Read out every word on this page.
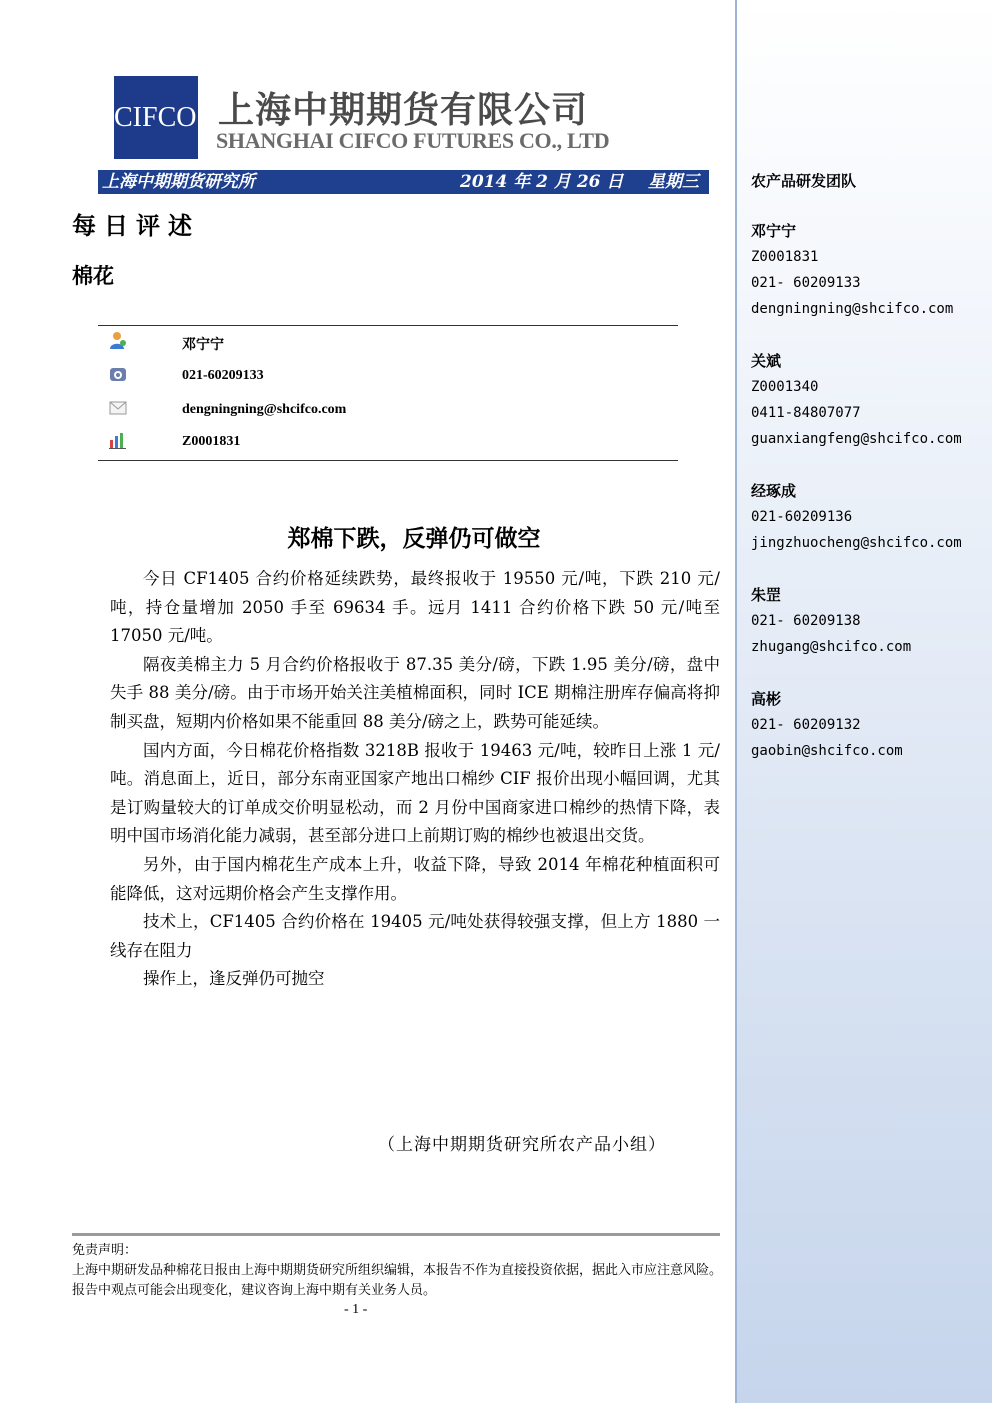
CIFCO 上海中期期货有限公司
SHANGHAI CIFCO FUTURES CO., LTD
上海中期期货研究所	2014 年 2 月 26 日 星期三
每日评述
棉花
邓宁宁
021-60209133
dengningning@shcifco.com
Z0001831
郑棉下跌，反弹仍可做空

今日 CF1405 合约价格延续跌势，最终报收于 19550 元/吨，下跌 210 元/吨，持仓量增加 2050 手至 69634 手。远月 1411 合约价格下跌 50 元/吨至 17050 元/吨。

隔夜美棉主力 5 月合约价格报收于 87.35 美分/磅，下跌 1.95 美分/磅，盘中失手 88 美分/磅。由于市场开始关注美植棉面积，同时 ICE 期棉注册库存偏高将抑制买盘，短期内价格如果不能重回 88 美分/磅之上，跌势可能延续。

国内方面，今日棉花价格指数 3218B 报收于 19463 元/吨，较昨日上涨 1 元/吨。消息面上，近日，部分东南亚国家产地出口棉纱 CIF 报价出现小幅回调，尤其是订购量较大的订单成交价明显松动，而 2 月份中国商家进口棉纱的热情下降，表明中国市场消化能力减弱，甚至部分进口上前期订购的棉纱也被退出交货。

另外，由于国内棉花生产成本上升，收益下降，导致 2014 年棉花种植面积可能降低，这对远期价格会产生支撑作用。

技术上，CF1405 合约价格在 19405 元/吨处获得较强支撑，但上方 1880 一线存在阻力

操作上，逢反弹仍可抛空

（上海中期期货研究所农产品小组）
免责声明：
上海中期研发品种棉花日报由上海中期期货研究所组织编辑，本报告不作为直接投资依据，据此入市应注意风险。报告中观点可能会出现变化，建议咨询上海中期有关业务人员。
- 1 -
农产品研发团队
邓宁宁
Z0001831
021- 60209133
dengningning@shcifco.com
关斌
Z0001340
0411-84807077
guanxiangfeng@shcifco.com
经琢成
021-60209136
jingzhuocheng@shcifco.com
朱罡
021- 60209138
zhugang@shcifco.com
高彬
021- 60209132
gaobin@shcifco.com
